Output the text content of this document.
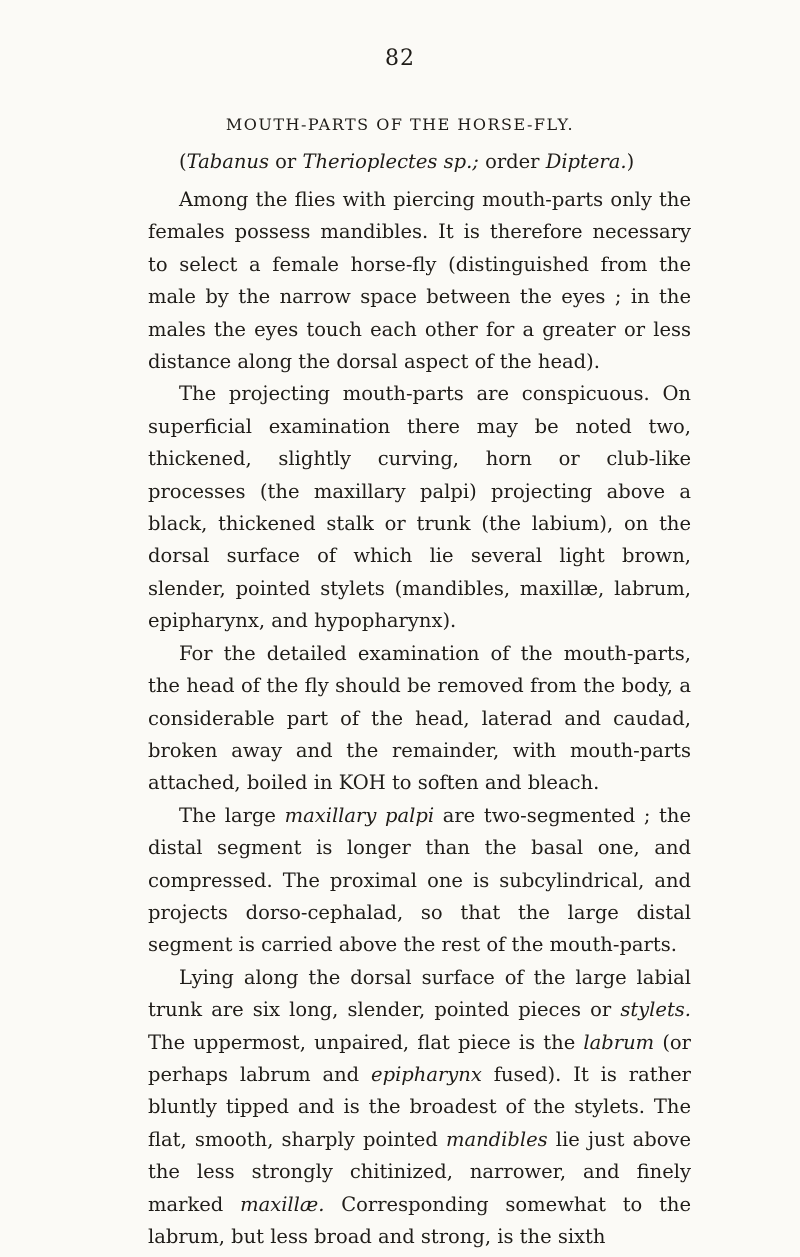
82
MOUTH-PARTS OF THE HORSE-FLY.
(Tabanus or Therioplectes sp.; order Diptera.)

Among the flies with piercing mouth-parts only the females possess mandibles. It is therefore necessary to select a female horse-fly (distinguished from the male by the narrow space between the eyes ; in the males the eyes touch each other for a greater or less distance along the dorsal aspect of the head).

The projecting mouth-parts are conspicuous. On superficial examination there may be noted two, thickened, slightly curving, horn or club-like processes (the maxillary palpi) projecting above a black, thickened stalk or trunk (the labium), on the dorsal surface of which lie several light brown, slender, pointed stylets (mandibles, maxillæ, labrum, epipharynx, and hypopharynx).

For the detailed examination of the mouth-parts, the head of the fly should be removed from the body, a considerable part of the head, laterad and caudad, broken away and the remainder, with mouth-parts attached, boiled in KOH to soften and bleach.

The large maxillary palpi are two-segmented ; the distal segment is longer than the basal one, and compressed. The proximal one is subcylindrical, and projects dorso-cephalad, so that the large distal segment is carried above the rest of the mouth-parts.

Lying along the dorsal surface of the large labial trunk are six long, slender, pointed pieces or stylets. The uppermost, unpaired, flat piece is the labrum (or perhaps labrum and epipharynx fused). It is rather bluntly tipped and is the broadest of the stylets. The flat, smooth, sharply pointed mandibles lie just above the less strongly chitinized, narrower, and finely marked maxillæ. Corresponding somewhat to the labrum, but less broad and strong, is the sixth
